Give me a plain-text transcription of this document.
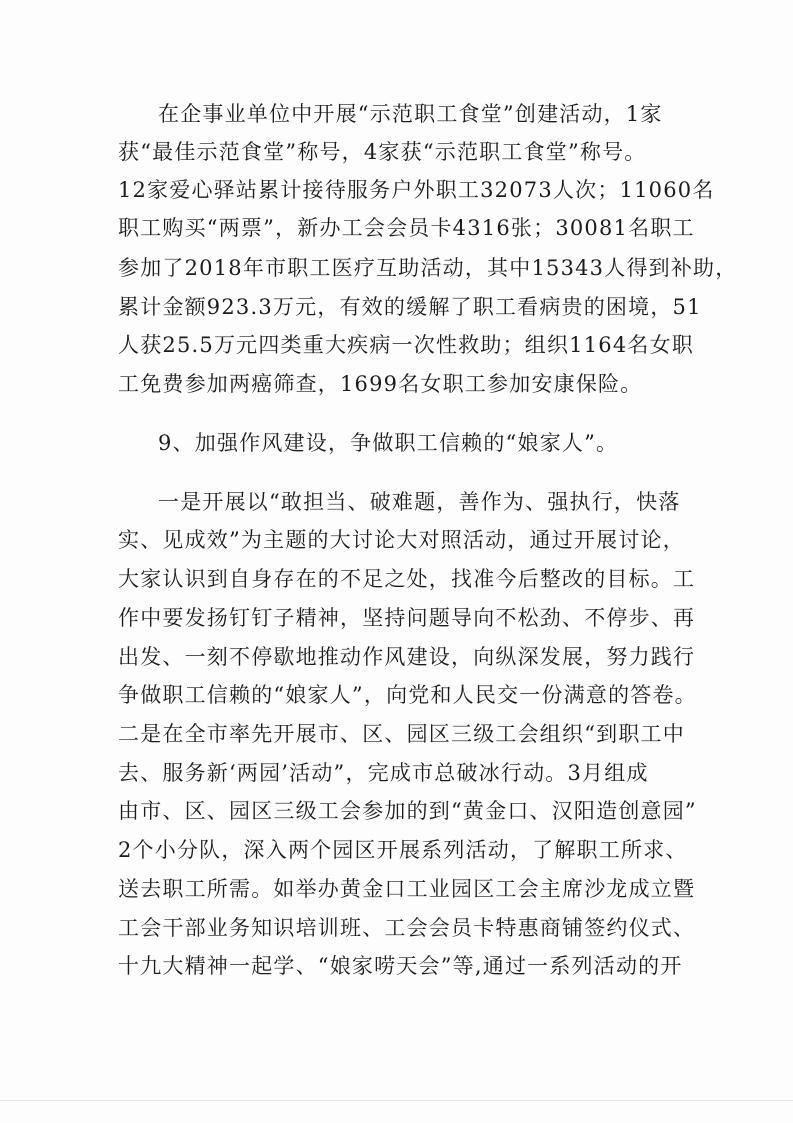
在企事业单位中开展“示范职工食堂”创建活动，1家
获“最佳示范食堂”称号，4家获“示范职工食堂”称号。
12家爱心驿站累计接待服务户外职工32073人次；11060名
职工购买“两票”，新办工会会员卡4316张；30081名职工
参加了2018年市职工医疗互助活动，其中15343人得到补助，
累计金额923.3万元，有效的缓解了职工看病贵的困境，51
人获25.5万元四类重大疾病一次性救助；组织1164名女职
工免费参加两癌筛查，1699名女职工参加安康保险。
9、加强作风建设，争做职工信赖的“娘家人”。
一是开展以“敢担当、破难题，善作为、强执行，快落
实、见成效”为主题的大讨论大对照活动，通过开展讨论，
大家认识到自身存在的不足之处，找准今后整改的目标。工
作中要发扬钉钉子精神，坚持问题导向不松劲、不停步、再
出发、一刻不停歇地推动作风建设，向纵深发展，努力践行
争做职工信赖的“娘家人”，向党和人民交一份满意的答卷。
二是在全市率先开展市、区、园区三级工会组织“到职工中
去、服务新‘两园’活动”，完成市总破冰行动。3月组成
由市、区、园区三级工会参加的到“黄金口、汉阳造创意园”
2个小分队，深入两个园区开展系列活动，了解职工所求、
送去职工所需。如举办黄金口工业园区工会主席沙龙成立暨
工会干部业务知识培训班、工会会员卡特惠商铺签约仪式、
十九大精神一起学、“娘家唠天会”等,通过一系列活动的开
